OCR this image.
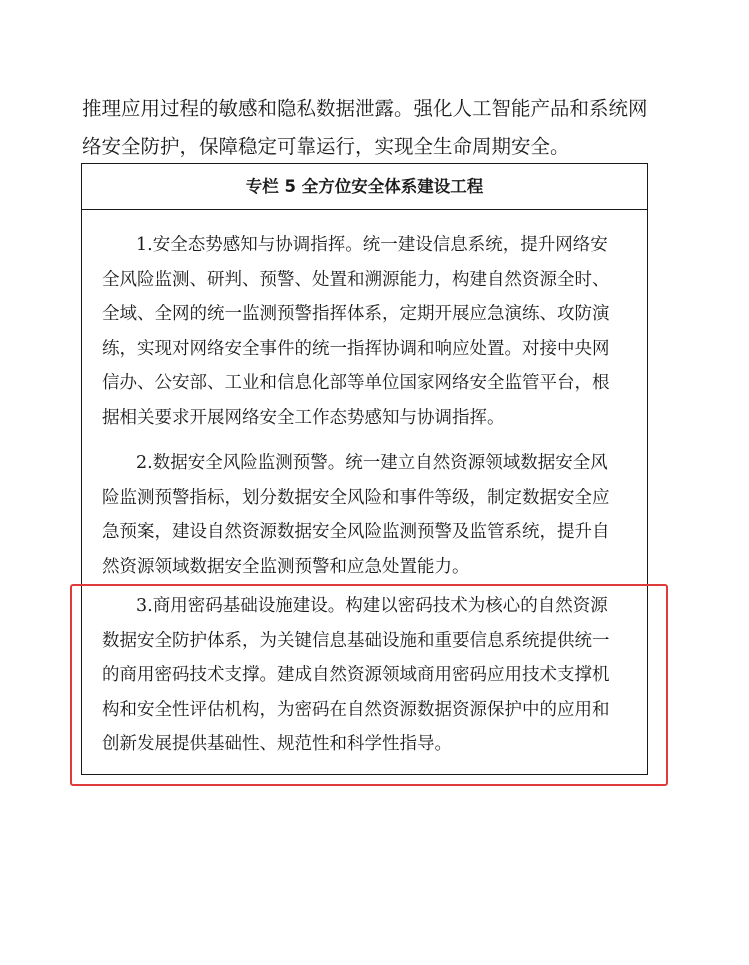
推理应用过程的敏感和隐私数据泄露。强化人工智能产品和系统网
络安全防护，保障稳定可靠运行，实现全生命周期安全。
专栏 5 全方位安全体系建设工程
1.安全态势感知与协调指挥。统一建设信息系统，提升网络安
全风险监测、研判、预警、处置和溯源能力，构建自然资源全时、
全域、全网的统一监测预警指挥体系，定期开展应急演练、攻防演
练，实现对网络安全事件的统一指挥协调和响应处置。对接中央网
信办、公安部、工业和信息化部等单位国家网络安全监管平台，根
据相关要求开展网络安全工作态势感知与协调指挥。
2.数据安全风险监测预警。统一建立自然资源领域数据安全风
险监测预警指标，划分数据安全风险和事件等级，制定数据安全应
急预案，建设自然资源数据安全风险监测预警及监管系统，提升自
然资源领域数据安全监测预警和应急处置能力。
3.商用密码基础设施建设。构建以密码技术为核心的自然资源
数据安全防护体系，为关键信息基础设施和重要信息系统提供统一
的商用密码技术支撑。建成自然资源领域商用密码应用技术支撑机
构和安全性评估机构，为密码在自然资源数据资源保护中的应用和
创新发展提供基础性、规范性和科学性指导。
